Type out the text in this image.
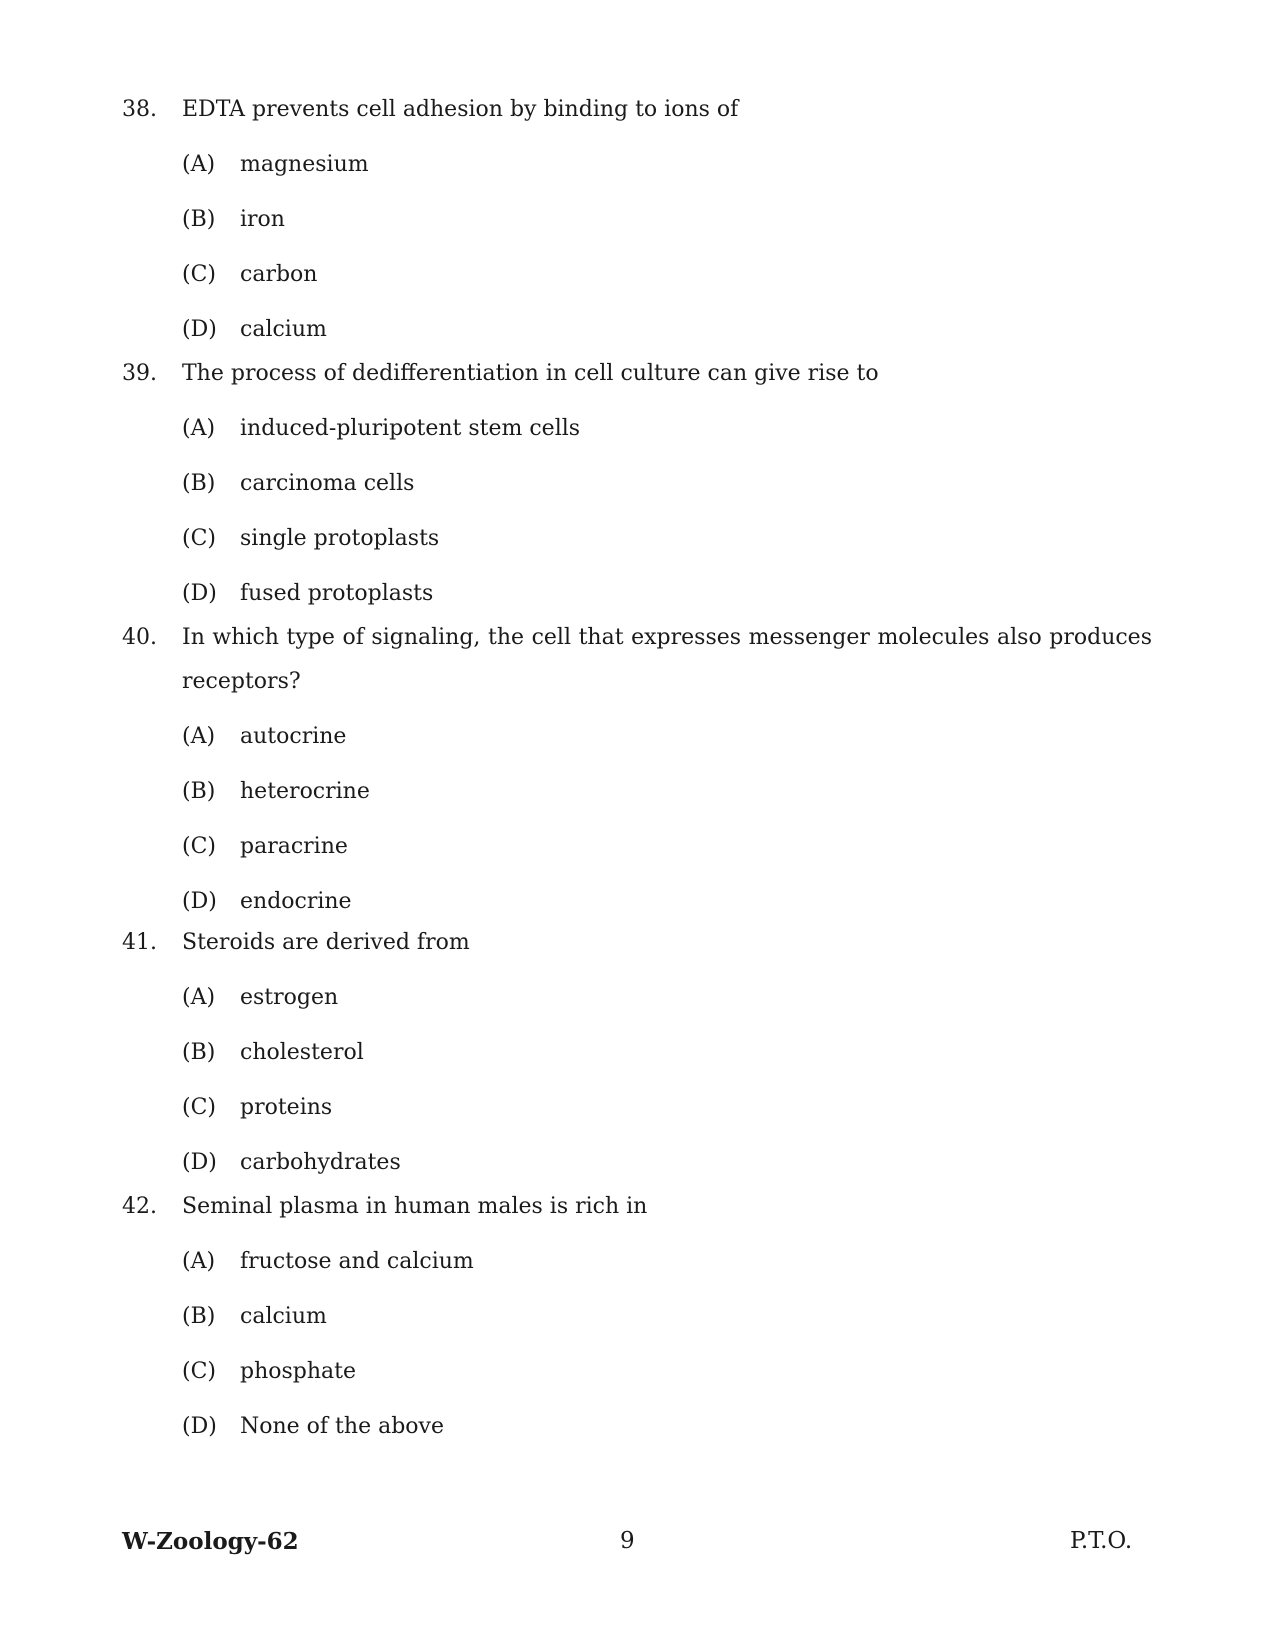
38.	EDTA prevents cell adhesion by binding to ions of
(A) magnesium
(B) iron
(C) carbon
(D) calcium
39.	The process of dedifferentiation in cell culture can give rise to
(A) induced-pluripotent stem cells
(B) carcinoma cells
(C) single protoplasts
(D) fused protoplasts
40.	In which type of signaling, the cell that expresses messenger molecules also produces receptors?
(A) autocrine
(B) heterocrine
(C) paracrine
(D) endocrine
41.	Steroids are derived from
(A) estrogen
(B) cholesterol
(C) proteins
(D) carbohydrates
42.	Seminal plasma in human males is rich in
(A) fructose and calcium
(B) calcium
(C) phosphate
(D) None of the above
W-Zoology-62	9	P.T.O.
